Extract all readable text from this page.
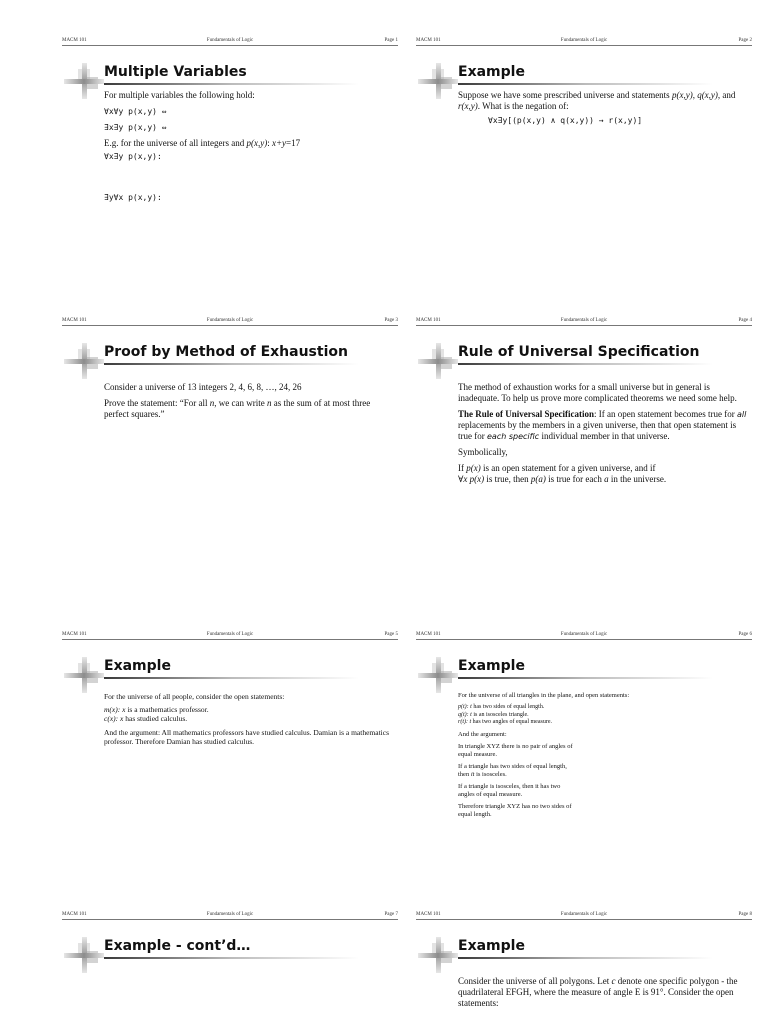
MACM 101	Fundamentals of Logic	Page 1
Multiple Variables

For multiple variables the following hold:

∀x∀y p(x,y) ⇔

∃x∃y p(x,y) ⇔

E.g. for the universe of all integers and p(x,y): x+y=17

∀x∃y p(x,y):

∃y∀x p(x,y):

MACM 101	Fundamentals of Logic	Page 2
Example

Suppose we have some prescribed universe and statements p(x,y), q(x,y), and r(x,y). What is the negation of:

∀x∃y[(p(x,y) ∧ q(x,y)) → r(x,y)]

MACM 101	Fundamentals of Logic	Page 3
Proof by Method of Exhaustion

Consider a universe of 13 integers 2, 4, 6, 8, …, 24, 26

Prove the statement: “For all n, we can write n as the sum of at most three perfect squares.”

MACM 101	Fundamentals of Logic	Page 4
Rule of Universal Specification

The method of exhaustion works for a small universe but in general is inadequate. To help us prove more complicated theorems we need some help.

The Rule of Universal Specification: If an open statement becomes true for all replacements by the members in a given universe, then that open statement is true for each specific individual member in that universe.

Symbolically,

If p(x) is an open statement for a given universe, and if
∀x p(x) is true, then p(a) is true for each a in the universe.

MACM 101	Fundamentals of Logic	Page 5
Example

For the universe of all people, consider the open statements:

m(x): x is a mathematics professor.
c(x): x has studied calculus.

And the argument: All mathematics professors have studied calculus. Damian is a mathematics professor. Therefore Damian has studied calculus.

MACM 101	Fundamentals of Logic	Page 6
Example

For the universe of all triangles in the plane, and open statements:

p(t): t has two sides of equal length.
q(t): t is an isosceles triangle.
r(t): t has two angles of equal measure.

And the argument:

In triangle XYZ there is no pair of angles of equal measure.

If a triangle has two sides of equal length, then it is isosceles.

If a triangle is isosceles, then it has two angles of equal measure.

Therefore triangle XYZ has no two sides of equal length.

MACM 101	Fundamentals of Logic	Page 7
Example - cont’d…
MACM 101	Fundamentals of Logic	Page 8
Example

Consider the universe of all polygons. Let c denote one specific polygon - the quadrilateral EFGH, where the measure of angle E is 91°. Consider the open statements:
